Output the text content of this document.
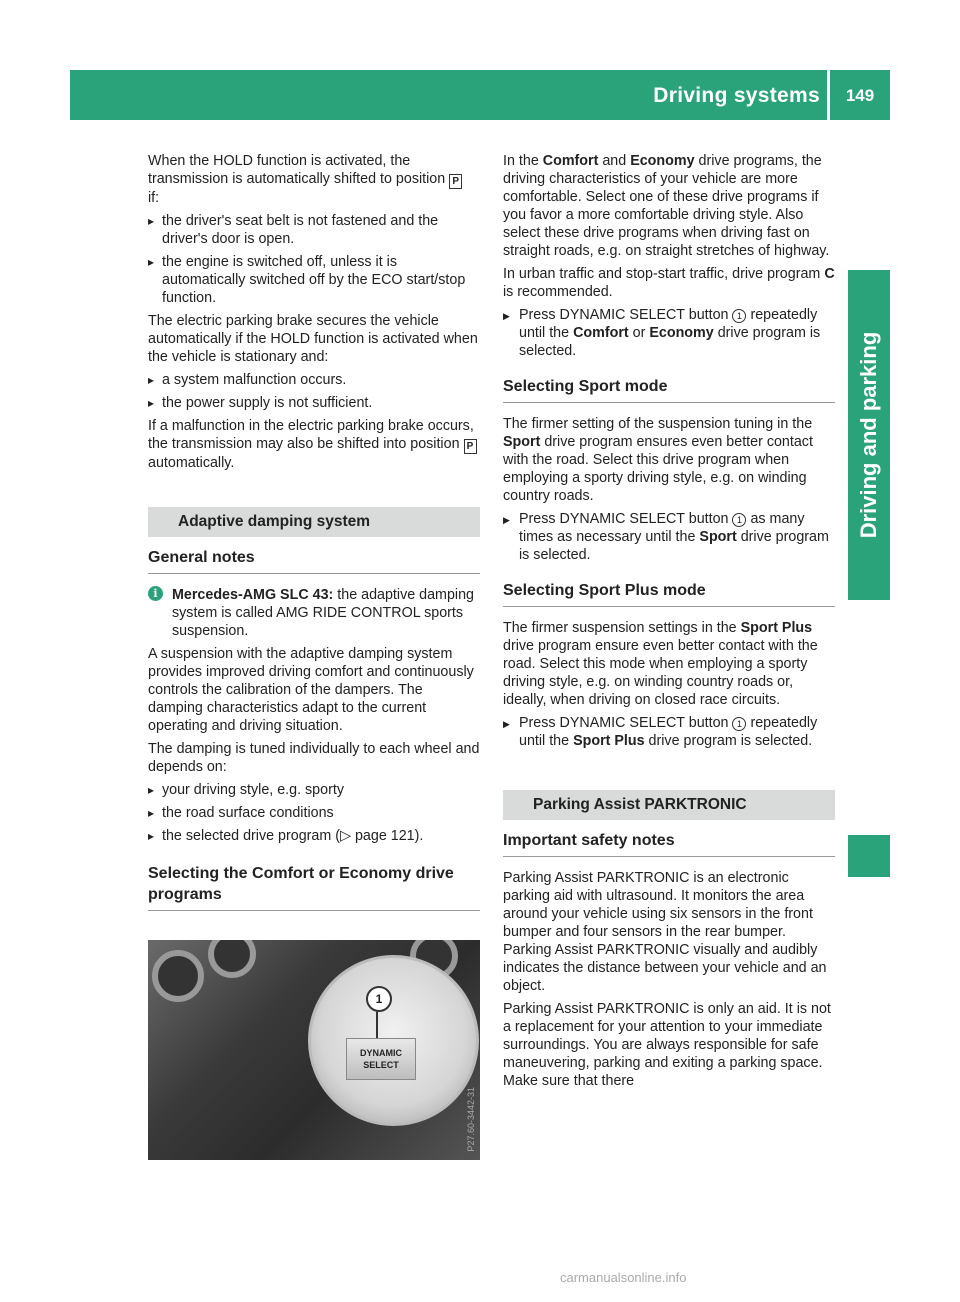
Driving systems	149
Driving and parking

When the HOLD function is activated, the transmission is automatically shifted to position P
if:

▸ the driver's seat belt is not fastened and the driver's door is open.
▸ the engine is switched off, unless it is automatically switched off by the ECO start/stop function.

The electric parking brake secures the vehicle automatically if the HOLD function is activated when the vehicle is stationary and:

▸ a system malfunction occurs.
▸ the power supply is not sufficient.

If a malfunction in the electric parking brake occurs, the transmission may also be shifted into position P automatically.

Adaptive damping system
General notes
i	Mercedes-AMG SLC 43: the adaptive damping system is called AMG RIDE CONTROL sports suspension.

A suspension with the adaptive damping system provides improved driving comfort and continuously controls the calibration of the dampers. The damping characteristics adapt to the current operating and driving situation.

The damping is tuned individually to each wheel and depends on:

▸ your driving style, e.g. sporty
▸ the road surface conditions
▸ the selected drive program (▷ page 121).
Selecting the Comfort or Economy drive programs
1
DYNAMIC SELECT
P27.60-3442-31

In the Comfort and Economy drive programs, the driving characteristics of your vehicle are more comfortable. Select one of these drive programs if you favor a more comfortable driving style. Also select these drive programs when driving fast on straight roads, e.g. on straight stretches of highway.

In urban traffic and stop-start traffic, drive program C is recommended.

▶ Press DYNAMIC SELECT button 1 repeatedly until the Comfort or Economy drive program is selected.
Selecting Sport mode

The firmer setting of the suspension tuning in the Sport drive program ensures even better contact with the road. Select this drive program when employing a sporty driving style, e.g. on winding country roads.

▶ Press DYNAMIC SELECT button 1 as many times as necessary until the Sport drive program is selected.
Selecting Sport Plus mode

The firmer suspension settings in the Sport Plus drive program ensure even better contact with the road. Select this mode when employing a sporty driving style, e.g. on winding country roads or, ideally, when driving on closed race circuits.

▶ Press DYNAMIC SELECT button 1 repeatedly until the Sport Plus drive program is selected.
Parking Assist PARKTRONIC
Important safety notes

Parking Assist PARKTRONIC is an electronic parking aid with ultrasound. It monitors the area around your vehicle using six sensors in the front bumper and four sensors in the rear bumper. Parking Assist PARKTRONIC visually and audibly indicates the distance between your vehicle and an object.

Parking Assist PARKTRONIC is only an aid. It is not a replacement for your attention to your immediate surroundings. You are always responsible for safe maneuvering, parking and exiting a parking space. Make sure that there

carmanualsonline.info
